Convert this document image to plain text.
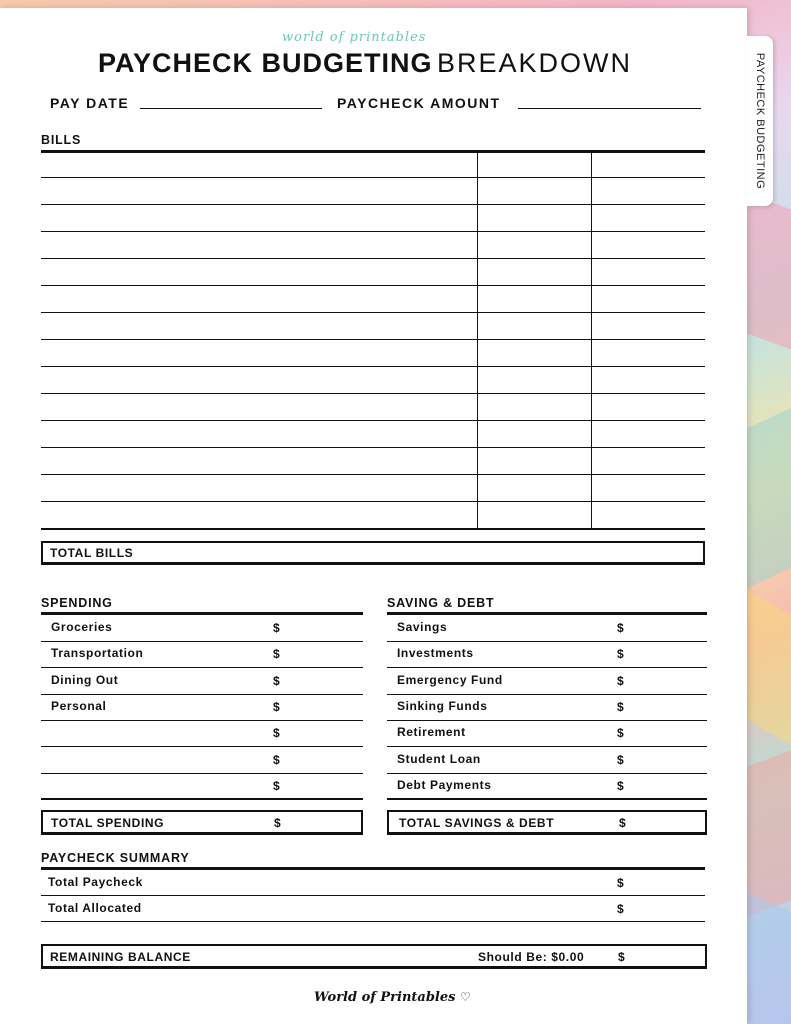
PAYCHECK BUDGETING
world of printables
PAYCHECK BUDGETING BREAKDOWN
PAY DATE	PAYCHECK AMOUNT
BILLS
TOTAL BILLS
SPENDING
Groceries	$
Transportation	$
Dining Out	$
Personal	$
$
$
$
TOTAL SPENDING	$
SAVING & DEBT
Savings	$
Investments	$
Emergency Fund	$
Sinking Funds	$
Retirement	$
Student Loan	$
Debt Payments	$
TOTAL SAVINGS & DEBT	$
PAYCHECK SUMMARY
Total Paycheck	$
Total Allocated	$
REMAINING BALANCE	Should Be: $0.00	$
World of Printables ♡
